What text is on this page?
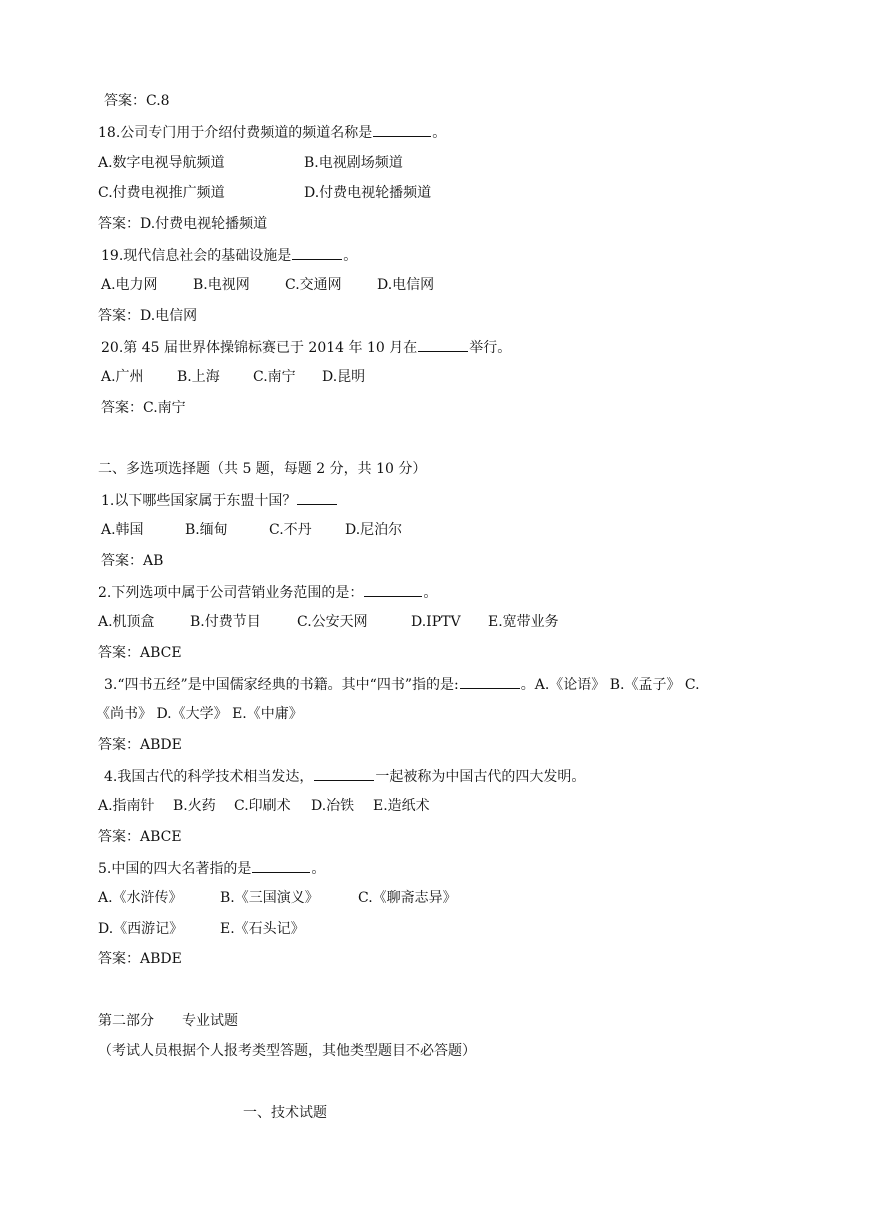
答案：C.8
18.公司专门用于介绍付费频道的频道名称是	。
A.数字电视导航频道	B.电视剧场频道
C.付费电视推广频道	D.付费电视轮播频道
答案：D.付费电视轮播频道
19.现代信息社会的基础设施是	。
A.电力网	B.电视网	C.交通网	D.电信网
答案：D.电信网
20.第 45 届世界体操锦标赛已于 2014 年 10 月在	举行。
A.广州 B.上海 C.南宁 D.昆明
答案：C.南宁
二、多选项选择题（共 5 题，每题 2 分，共 10 分）
1.以下哪些国家属于东盟十国？
A.韩国	B.缅甸	C.不丹 D.尼泊尔
答案：AB
2.下列选项中属于公司营销业务范围的是：	。
A.机顶盒	B.付费节目	C.公安天网	D.IPTV E.宽带业务
答案：ABCE
3.“四书五经”是中国儒家经典的书籍。其中“四书”指的是:	。A.《论语》 B.《孟子》 C.
《尚书》 D.《大学》 E.《中庸》
答案：ABDE
4.我国古代的科学技术相当发达，	一起被称为中国古代的四大发明。
A.指南针 B.火药 C.印刷术 D.冶铁 E.造纸术
答案：ABCE
5.中国的四大名著指的是	。
A.《水浒传》	B.《三国演义》	C.《聊斋志异》
D.《西游记》	E.《石头记》
答案：ABDE
第二部分　　专业试题
（考试人员根据个人报考类型答题，其他类型题目不必答题）
一、技术试题
